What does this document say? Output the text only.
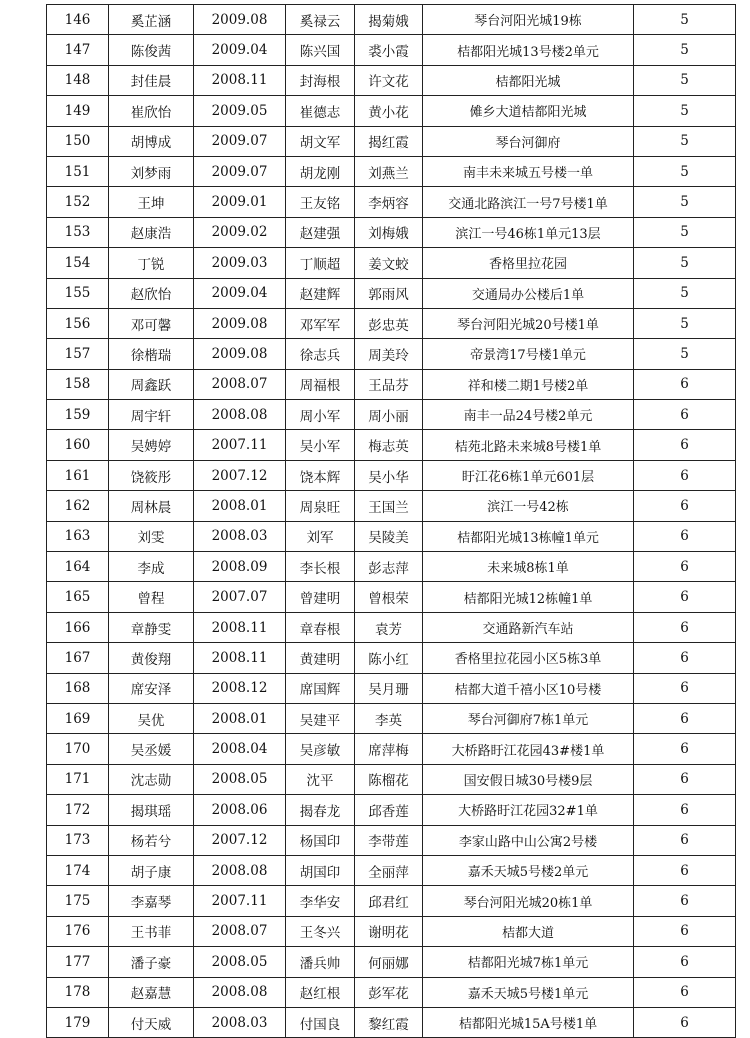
146	奚芷涵	2009.08	奚禄云	揭菊娥	琴台河阳光城19栋	5
147	陈俊茜	2009.04	陈兴国	裘小霞	桔都阳光城13号楼2单元	5
148	封佳晨	2008.11	封海根	许文花	桔都阳光城	5
149	崔欣怡	2009.05	崔德志	黄小花	傩乡大道桔都阳光城	5
150	胡博成	2009.07	胡文军	揭红霞	琴台河御府	5
151	刘梦雨	2009.07	胡龙刚	刘燕兰	南丰未来城五号楼一单	5
152	王坤	2009.01	王友铭	李炳容	交通北路滨江一号7号楼1单	5
153	赵康浩	2009.02	赵建强	刘梅娥	滨江一号46栋1单元13层	5
154	丁锐	2009.03	丁顺超	姜文蛟	香格里拉花园	5
155	赵欣怡	2009.04	赵建辉	郭雨风	交通局办公楼后1单	5
156	邓可馨	2009.08	邓军军	彭忠英	琴台河阳光城20号楼1单	5
157	徐楷瑞	2009.08	徐志兵	周美玲	帝景湾17号楼1单元	5
158	周鑫跃	2008.07	周福根	王品芬	祥和楼二期1号楼2单	6
159	周宇轩	2008.08	周小军	周小丽	南丰一品24号楼2单元	6
160	吴娉婷	2007.11	吴小军	梅志英	桔苑北路未来城8号楼1单	6
161	饶筱彤	2007.12	饶本辉	吴小华	盱江花6栋1单元601层	6
162	周林晨	2008.01	周泉旺	王国兰	滨江一号42栋	6
163	刘雯	2008.03	刘军	吴陵美	桔都阳光城13栋幢1单元	6
164	李成	2008.09	李长根	彭志萍	未来城8栋1单	6
165	曾程	2007.07	曾建明	曾根荣	桔都阳光城12栋幢1单	6
166	章静雯	2008.11	章春根	袁芳	交通路新汽车站	6
167	黄俊翔	2008.11	黄建明	陈小红	香格里拉花园小区5栋3单	6
168	席安泽	2008.12	席国辉	吴月珊	桔都大道千禧小区10号楼	6
169	吴优	2008.01	吴建平	李英	琴台河御府7栋1单元	6
170	吴丞媛	2008.04	吴彦敏	席萍梅	大桥路盱江花园43#楼1单	6
171	沈志勋	2008.05	沈平	陈榴花	国安假日城30号楼9层	6
172	揭琪瑶	2008.06	揭春龙	邱香莲	大桥路盱江花园32#1单	6
173	杨若兮	2007.12	杨国印	李带莲	李家山路中山公寓2号楼	6
174	胡子康	2008.08	胡国印	全丽萍	嘉禾天城5号楼2单元	6
175	李嘉琴	2007.11	李华安	邱君红	琴台河阳光城20栋1单	6
176	王书菲	2008.07	王冬兴	谢明花	桔都大道	6
177	潘子豪	2008.05	潘兵帅	何丽娜	桔都阳光城7栋1单元	6
178	赵嘉慧	2008.08	赵红根	彭军花	嘉禾天城5号楼1单元	6
179	付天威	2008.03	付国良	黎红霞	桔都阳光城15A号楼1单	6
